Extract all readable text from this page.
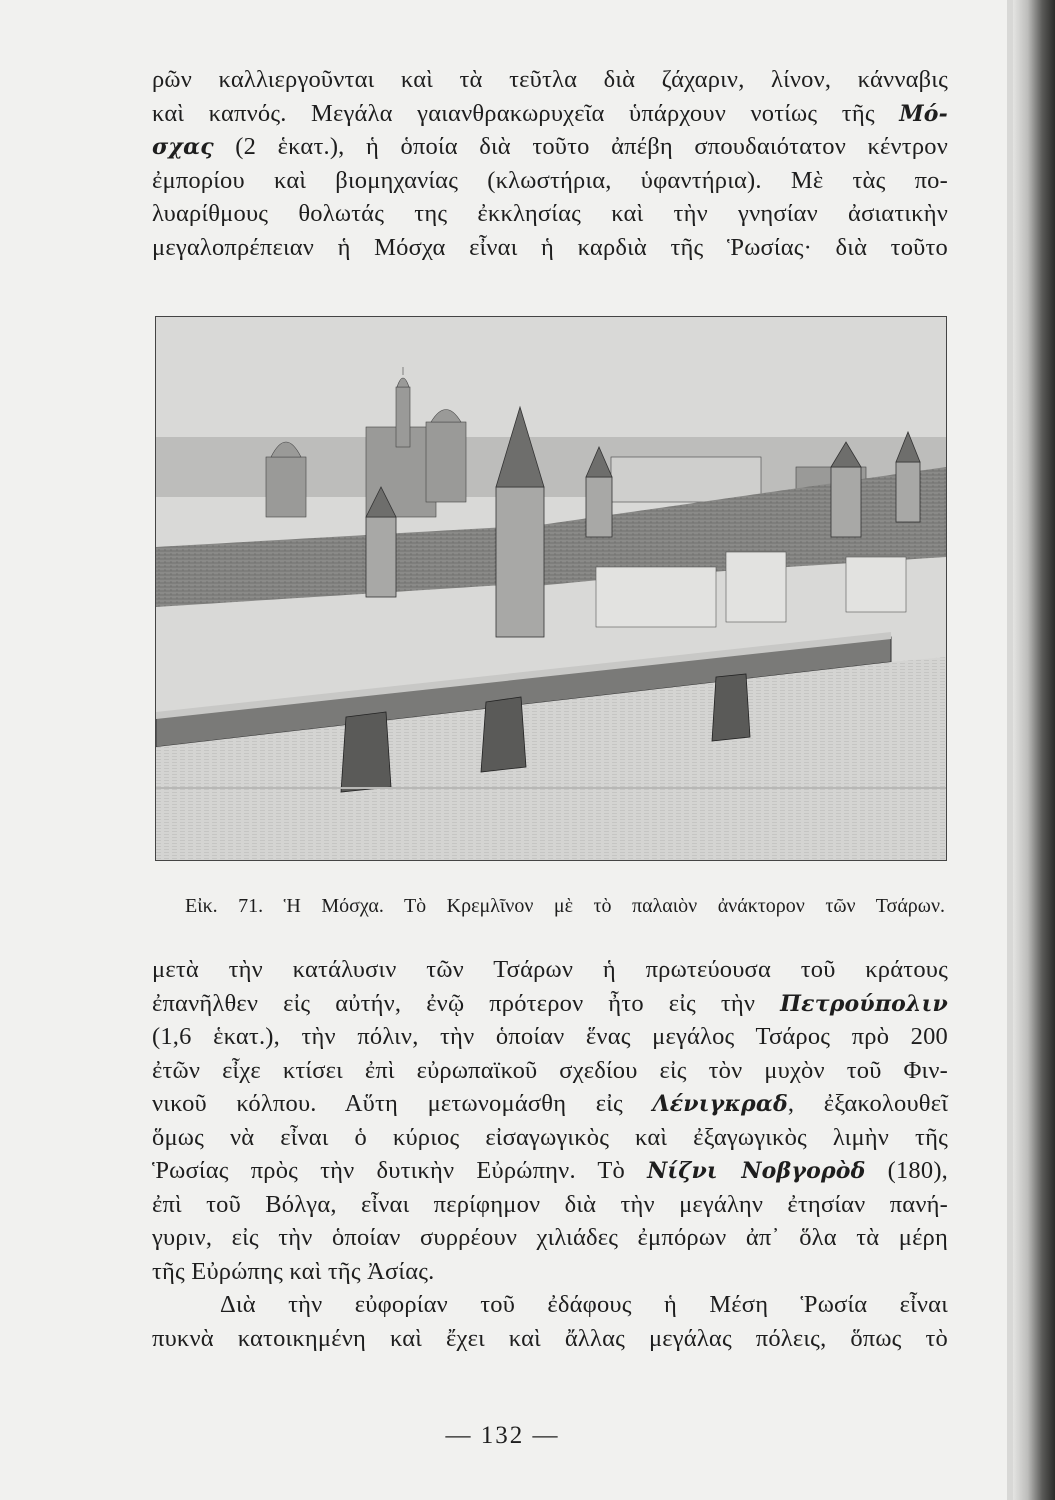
ρῶν καλλιεργοῦνται καὶ τὰ τεῦτλα διὰ ζάχαριν, λίνον, κάνναβις
καὶ καπνός. Μεγάλα γαιανθρακωρυχεῖα ὑπάρχουν νοτίως τῆς Μό-
σχας (2 ἑκατ.), ἡ ὁποία διὰ τοῦτο ἀπέβη σπουδαιότατον κέντρον
ἐμπορίου καὶ βιομηχανίας (κλωστήρια, ὑφαντήρια). Μὲ τὰς πο-
λυαρίθμους θολωτάς της ἐκκλησίας καὶ τὴν γνησίαν ἀσιατικὴν
μεγαλοπρέπειαν ἡ Μόσχα εἶναι ἡ καρδιὰ τῆς Ῥωσίας· διὰ τοῦτο
Εἰκ. 71. Ἡ Μόσχα. Τὸ Κρεμλῖνον μὲ τὸ παλαιὸν ἀνάκτορον τῶν Τσάρων.
μετὰ τὴν κατάλυσιν τῶν Τσάρων ἡ πρωτεύουσα τοῦ κράτους
ἐπανῆλθεν εἰς αὐτήν, ἐνῷ πρότερον ἦτο εἰς τὴν Πετρούπολιν
(1,6 ἑκατ.), τὴν πόλιν, τὴν ὁποίαν ἕνας μεγάλος Τσάρος πρὸ 200
ἐτῶν εἶχε κτίσει ἐπὶ εὐρωπαϊκοῦ σχεδίου εἰς τὸν μυχὸν τοῦ Φιν-
νικοῦ κόλπου. Αὕτη μετωνομάσθη εἰς Λένιγκραδ, ἐξακολουθεῖ
ὅμως νὰ εἶναι ὁ κύριος εἰσαγωγικὸς καὶ ἐξαγωγικὸς λιμὴν τῆς
Ῥωσίας πρὸς τὴν δυτικὴν Εὐρώπην. Τὸ Νίζνι Νοβγορὸδ (180),
ἐπὶ τοῦ Βόλγα, εἶναι περίφημον διὰ τὴν μεγάλην ἐτησίαν πανή-
γυριν, εἰς τὴν ὁποίαν συρρέουν χιλιάδες ἐμπόρων ἀπ᾽ ὅλα τὰ μέρη
τῆς Εὐρώπης καὶ τῆς Ἀσίας.
Διὰ τὴν εὐφορίαν τοῦ ἐδάφους ἡ Μέση Ῥωσία εἶναι
πυκνὰ κατοικημένη καὶ ἔχει καὶ ἄλλας μεγάλας πόλεις, ὅπως τὸ
— 132 —
